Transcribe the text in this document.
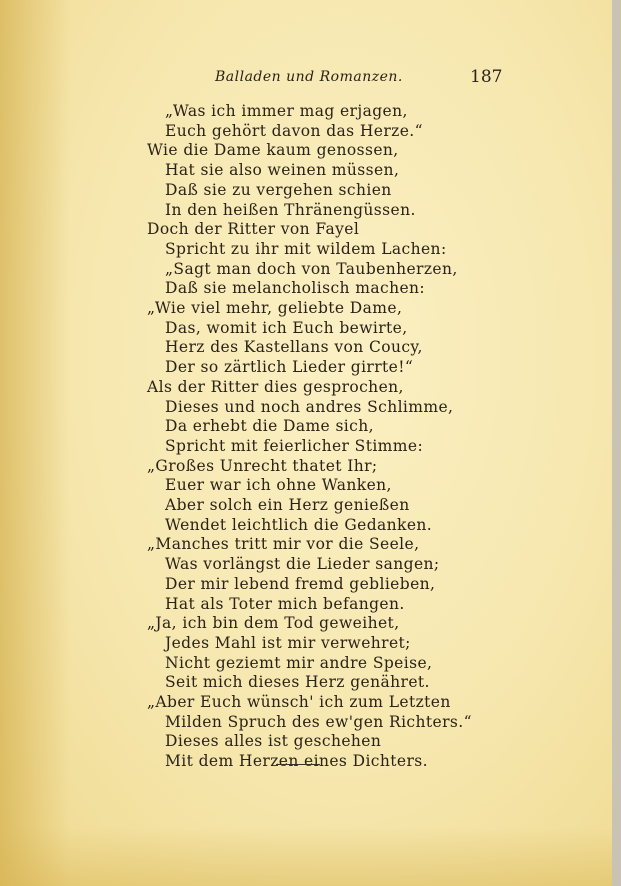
Balladen und Romanzen.	187
„Was ich immer mag erjagen,
Euch gehört davon das Herze.“
Wie die Dame kaum genossen,
Hat sie also weinen müssen,
Daß sie zu vergehen schien
In den heißen Thränengüssen.
Doch der Ritter von Fayel
Spricht zu ihr mit wildem Lachen:
„Sagt man doch von Taubenherzen,
Daß sie melancholisch machen:
„Wie viel mehr, geliebte Dame,
Das, womit ich Euch bewirte,
Herz des Kastellans von Coucy,
Der so zärtlich Lieder girrte!“
Als der Ritter dies gesprochen,
Dieses und noch andres Schlimme,
Da erhebt die Dame sich,
Spricht mit feierlicher Stimme:
„Großes Unrecht thatet Ihr;
Euer war ich ohne Wanken,
Aber solch ein Herz genießen
Wendet leichtlich die Gedanken.
„Manches tritt mir vor die Seele,
Was vorlängst die Lieder sangen;
Der mir lebend fremd geblieben,
Hat als Toter mich befangen.
„Ja, ich bin dem Tod geweihet,
Jedes Mahl ist mir verwehret;
Nicht geziemt mir andre Speise,
Seit mich dieses Herz genähret.
„Aber Euch wünsch' ich zum Letzten
Milden Spruch des ew'gen Richters.“
Dieses alles ist geschehen
Mit dem Herzen eines Dichters.
